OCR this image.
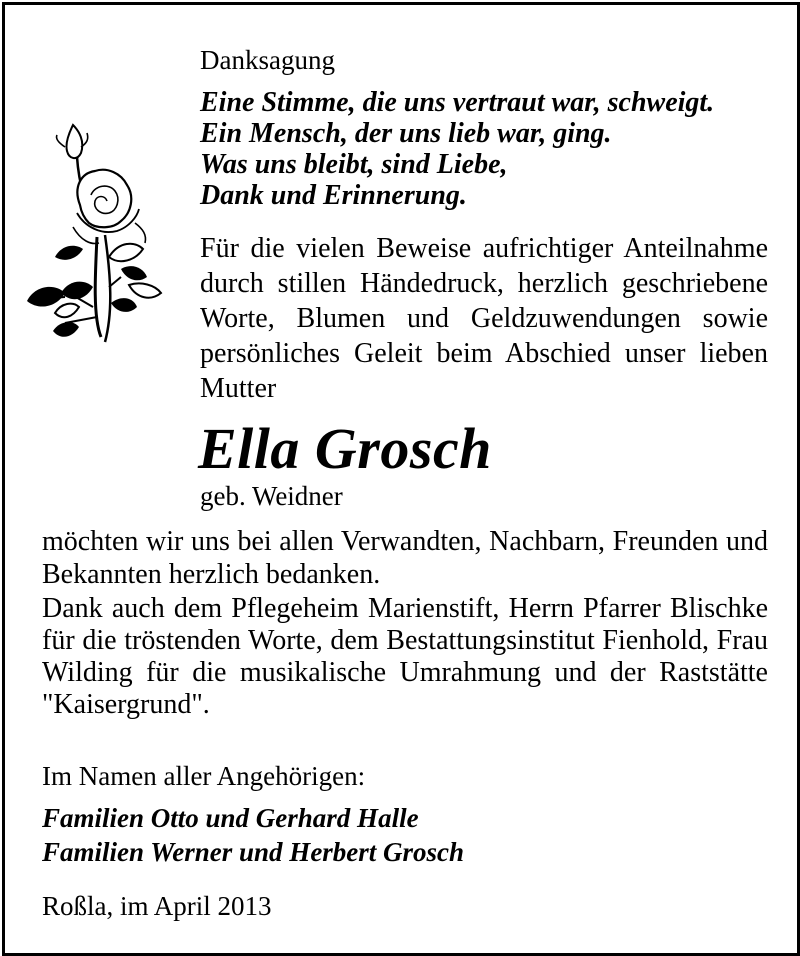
Danksagung
Eine Stimme, die uns vertraut war, schweigt.
Ein Mensch, der uns lieb war, ging.
Was uns bleibt, sind Liebe,
Dank und Erinnerung.
Für die vielen Beweise aufrichtiger Anteilnahme durch stillen Händedruck, herzlich geschriebene Worte, Blumen und Geldzuwendungen sowie persönliches Geleit beim Abschied unser lieben Mutter
Ella Grosch
geb. Weidner
möchten wir uns bei allen Verwandten, Nachbarn, Freunden und Bekannten herzlich bedanken.
Dank auch dem Pflegeheim Marienstift, Herrn Pfarrer Blischke für die tröstenden Worte, dem Bestattungsinstitut Fienhold, Frau Wilding für die musikalische Umrahmung und der Raststätte "Kaisergrund".
Im Namen aller Angehörigen:
Familien Otto und Gerhard Halle
Familien Werner und Herbert Grosch
Roßla, im April 2013
